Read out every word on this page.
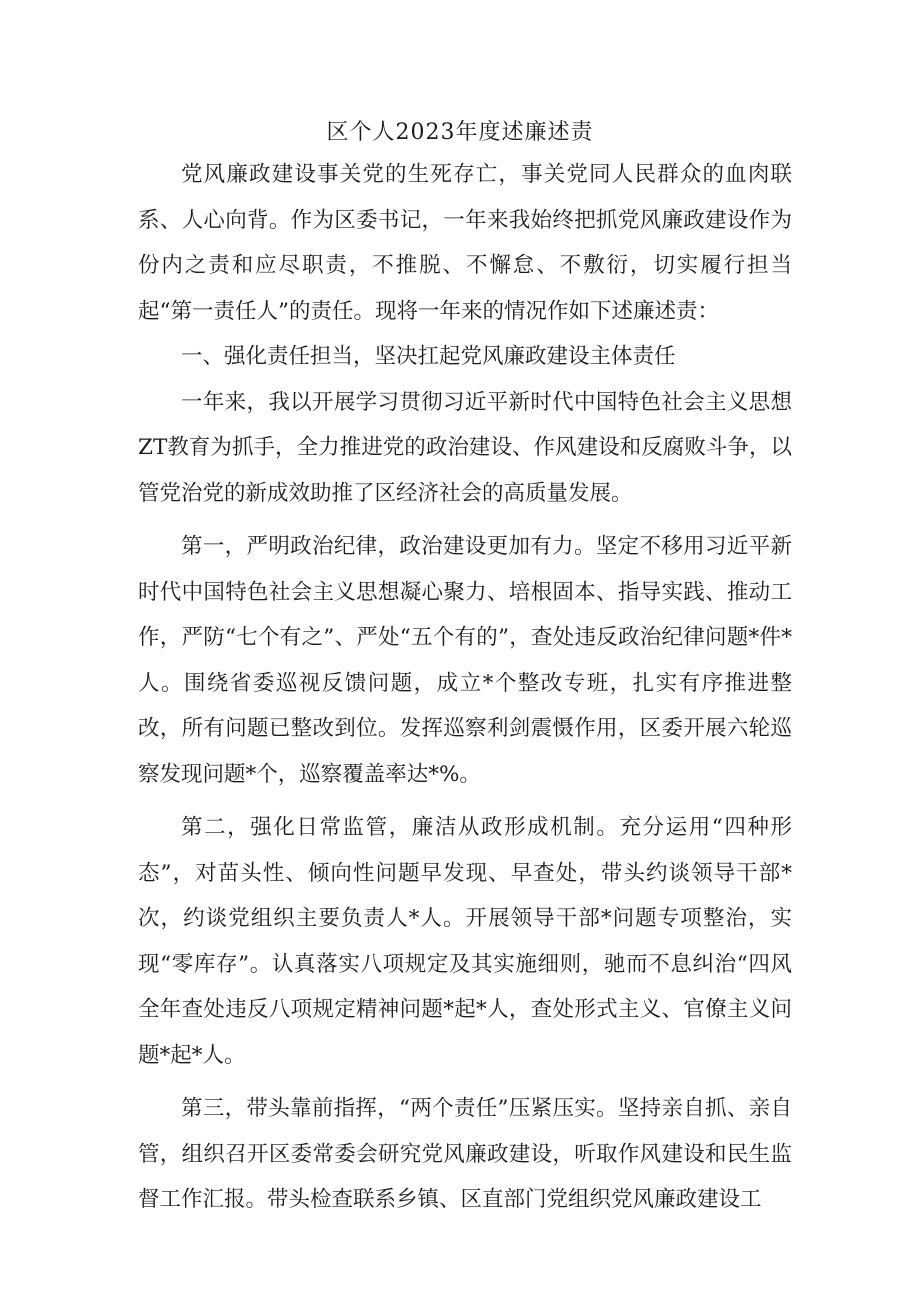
区个人2023年度述廉述责

党风廉政建设事关党的生死存亡，事关党同人民群众的血肉联系、人心向背。作为区委书记，一年来我始终把抓党风廉政建设作为份内之责和应尽职责，不推脱、不懈怠、不敷衍，切实履行担当起“第一责任人”的责任。现将一年来的情况作如下述廉述责：

一、强化责任担当，坚决扛起党风廉政建设主体责任

一年来，我以开展学习贯彻习近平新时代中国特色社会主义思想ZT教育为抓手，全力推进党的政治建设、作风建设和反腐败斗争，以管党治党的新成效助推了区经济社会的高质量发展。

第一，严明政治纪律，政治建设更加有力。坚定不移用习近平新时代中国特色社会主义思想凝心聚力、培根固本、指导实践、推动工作，严防“七个有之”、严处“五个有的”，查处违反政治纪律问题*件*人。围绕省委巡视反馈问题，成立*个整改专班，扎实有序推进整改，所有问题已整改到位。发挥巡察利剑震慑作用，区委开展六轮巡察发现问题*个，巡察覆盖率达*%。

第二，强化日常监管，廉洁从政形成机制。充分运用“四种形态”，对苗头性、倾向性问题早发现、早查处，带头约谈领导干部*次，约谈党组织主要负责人*人。开展领导干部*问题专项整治，实现“零库存”。认真落实八项规定及其实施细则，驰而不息纠治“四风全年查处违反八项规定精神问题*起*人，查处形式主义、官僚主义问题*起*人。

第三，带头靠前指挥，“两个责任”压紧压实。坚持亲自抓、亲自管，组织召开区委常委会研究党风廉政建设，听取作风建设和民生监督工作汇报。带头检查联系乡镇、区直部门党组织党风廉政建设工
